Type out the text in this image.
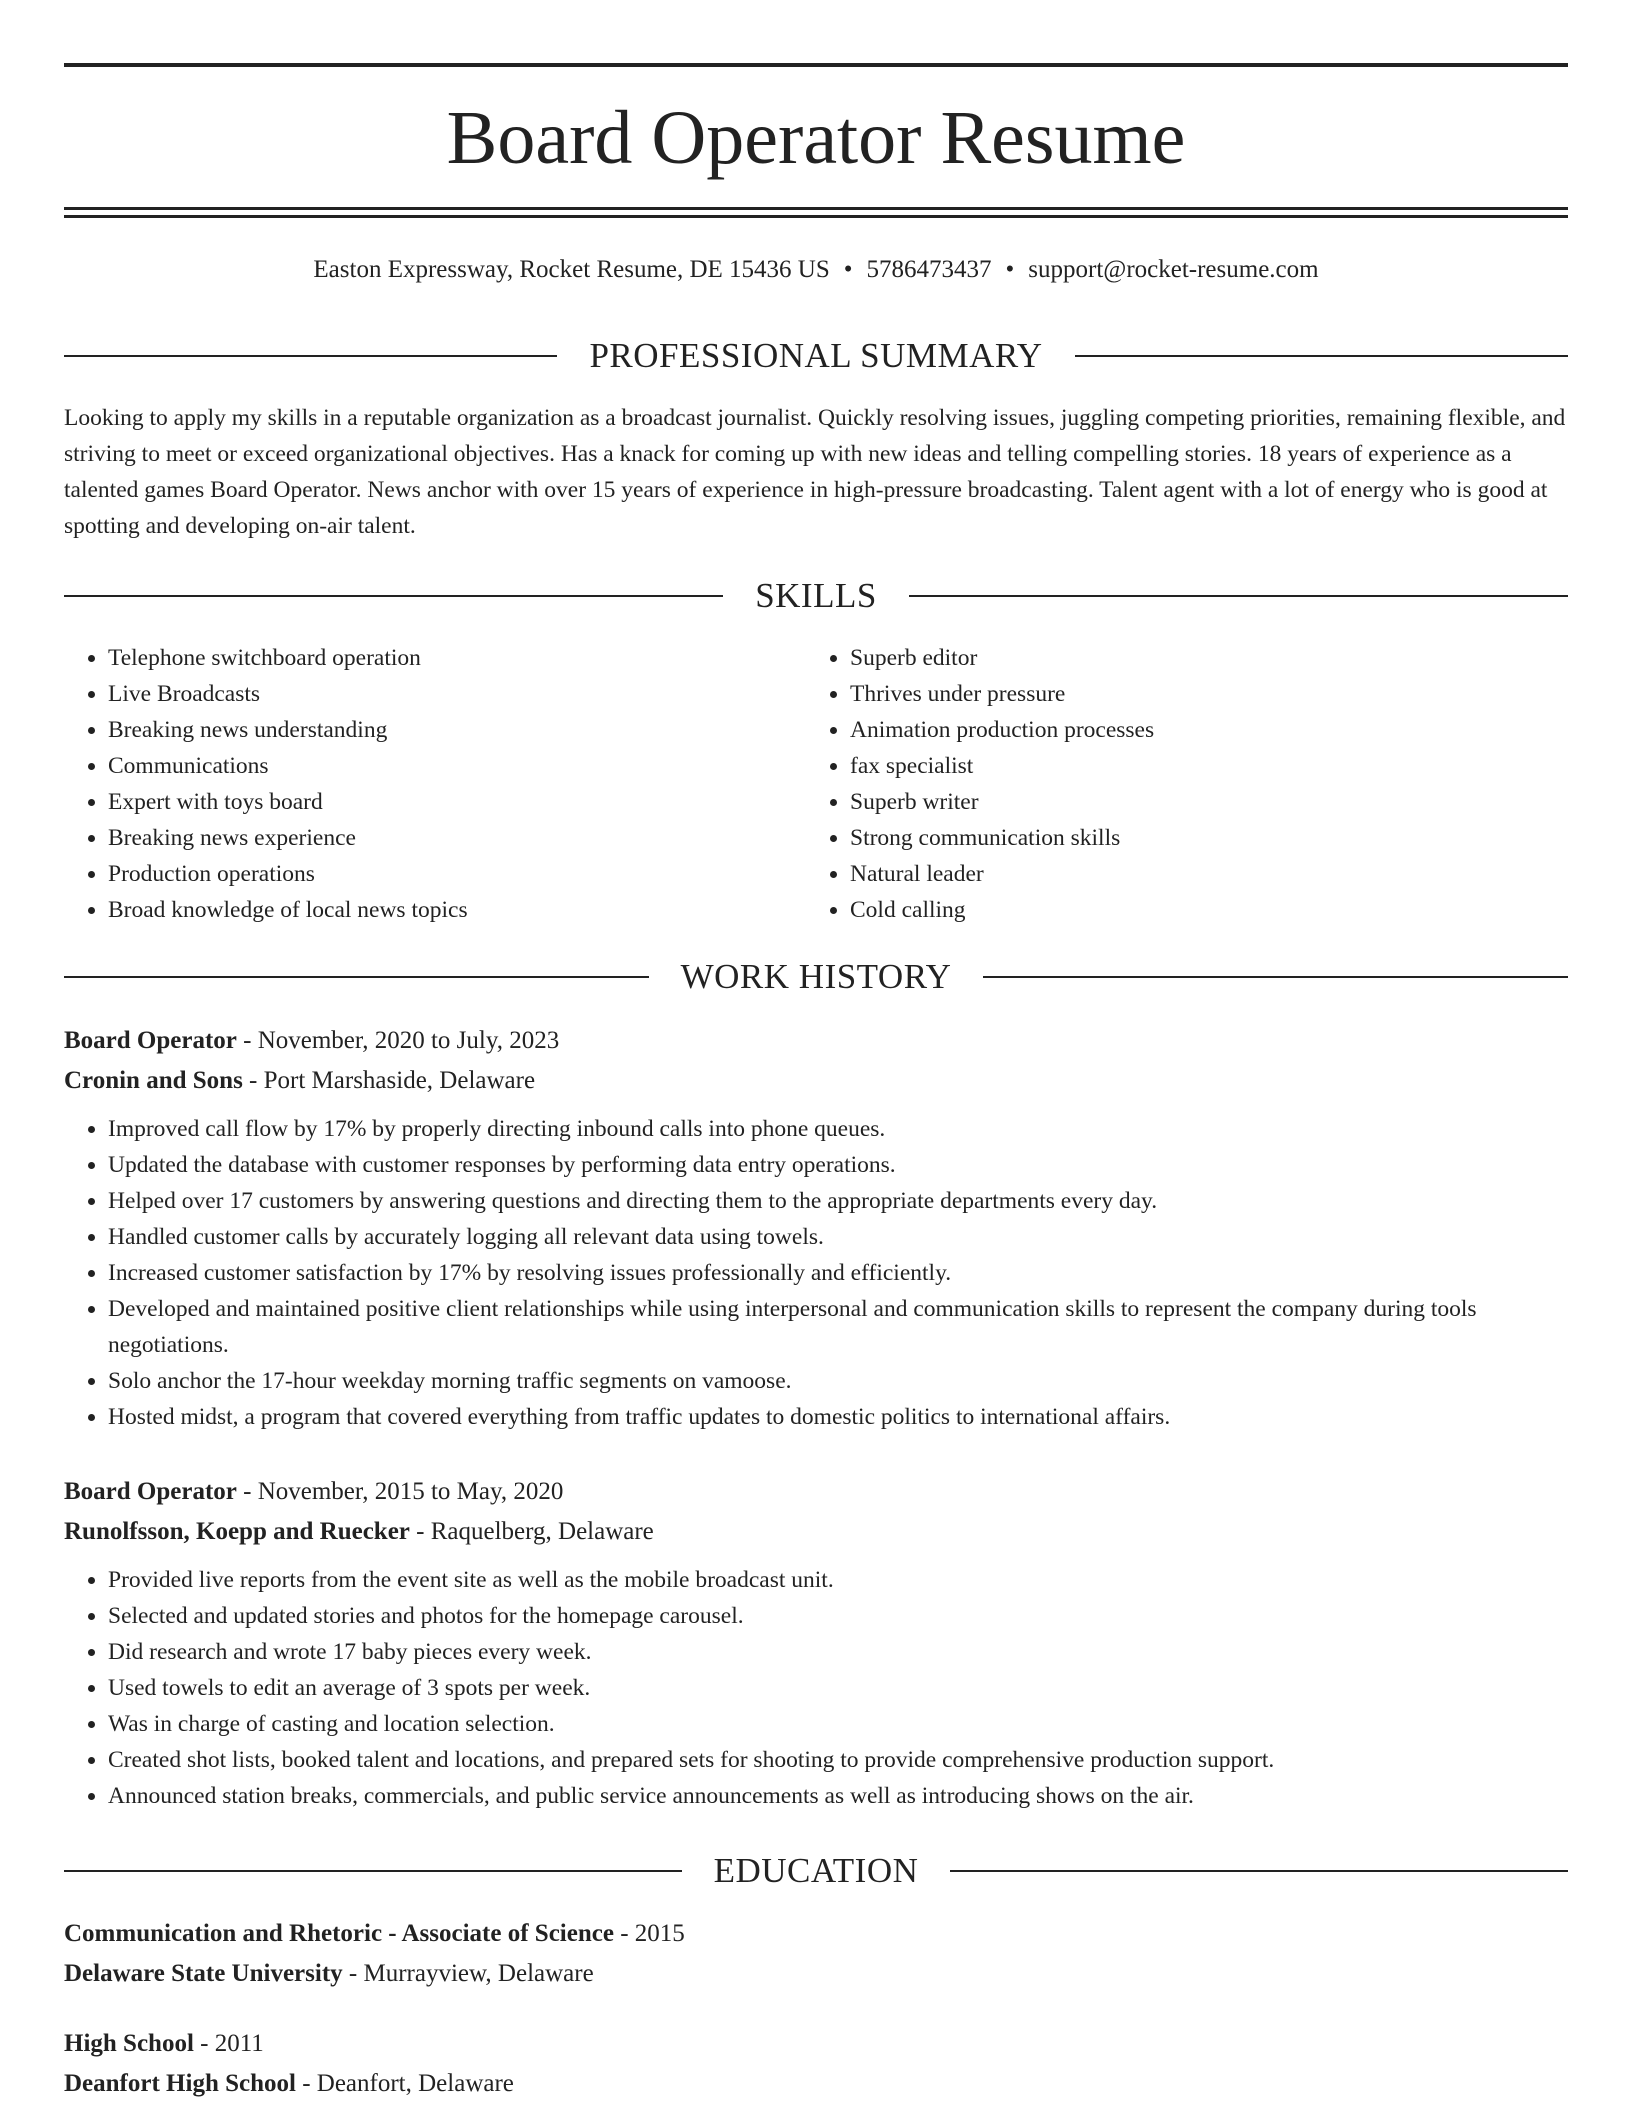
Board Operator Resume
Easton Expressway, Rocket Resume, DE 15436 US • 5786473437 • support@rocket-resume.com
PROFESSIONAL SUMMARY

Looking to apply my skills in a reputable organization as a broadcast journalist. Quickly resolving issues, juggling competing priorities, remaining flexible, and striving to meet or exceed organizational objectives. Has a knack for coming up with new ideas and telling compelling stories. 18 years of experience as a talented games Board Operator. News anchor with over 15 years of experience in high-pressure broadcasting. Talent agent with a lot of energy who is good at spotting and developing on-air talent.

SKILLS
• Telephone switchboard operation
• Live Broadcasts
• Breaking news understanding
• Communications
• Expert with toys board
• Breaking news experience
• Production operations
• Broad knowledge of local news topics
• Superb editor
• Thrives under pressure
• Animation production processes
• fax specialist
• Superb writer
• Strong communication skills
• Natural leader
• Cold calling
WORK HISTORY
Board Operator - November, 2020 to July, 2023
Cronin and Sons - Port Marshaside, Delaware
• Improved call flow by 17% by properly directing inbound calls into phone queues.
• Updated the database with customer responses by performing data entry operations.
• Helped over 17 customers by answering questions and directing them to the appropriate departments every day.
• Handled customer calls by accurately logging all relevant data using towels.
• Increased customer satisfaction by 17% by resolving issues professionally and efficiently.
• Developed and maintained positive client relationships while using interpersonal and communication skills to represent the company during tools negotiations.
• Solo anchor the 17-hour weekday morning traffic segments on vamoose.
• Hosted midst, a program that covered everything from traffic updates to domestic politics to international affairs.
Board Operator - November, 2015 to May, 2020
Runolfsson, Koepp and Ruecker - Raquelberg, Delaware
• Provided live reports from the event site as well as the mobile broadcast unit.
• Selected and updated stories and photos for the homepage carousel.
• Did research and wrote 17 baby pieces every week.
• Used towels to edit an average of 3 spots per week.
• Was in charge of casting and location selection.
• Created shot lists, booked talent and locations, and prepared sets for shooting to provide comprehensive production support.
• Announced station breaks, commercials, and public service announcements as well as introducing shows on the air.
EDUCATION
Communication and Rhetoric - Associate of Science - 2015
Delaware State University - Murrayview, Delaware
High School - 2011
Deanfort High School - Deanfort, Delaware
